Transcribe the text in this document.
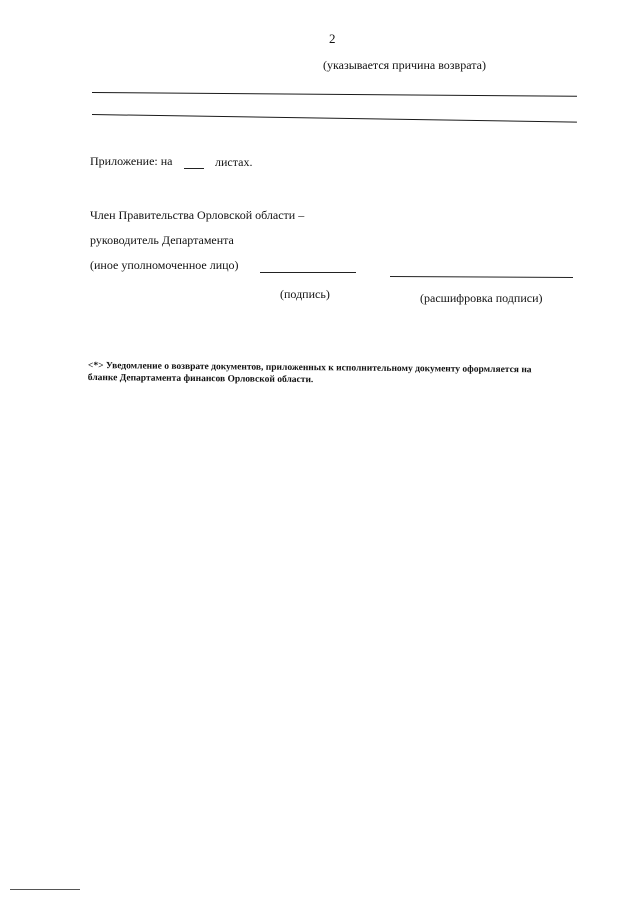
2
(указывается причина возврата)
Приложение: на	листах.
Член Правительства Орловской области –
руководитель Департамента
(иное уполномоченное лицо)
(подпись)	(расшифровка подписи)
<*> Уведомление о возврате документов, приложенных к исполнительному документу оформляется на
бланке Департамента финансов Орловской области.
